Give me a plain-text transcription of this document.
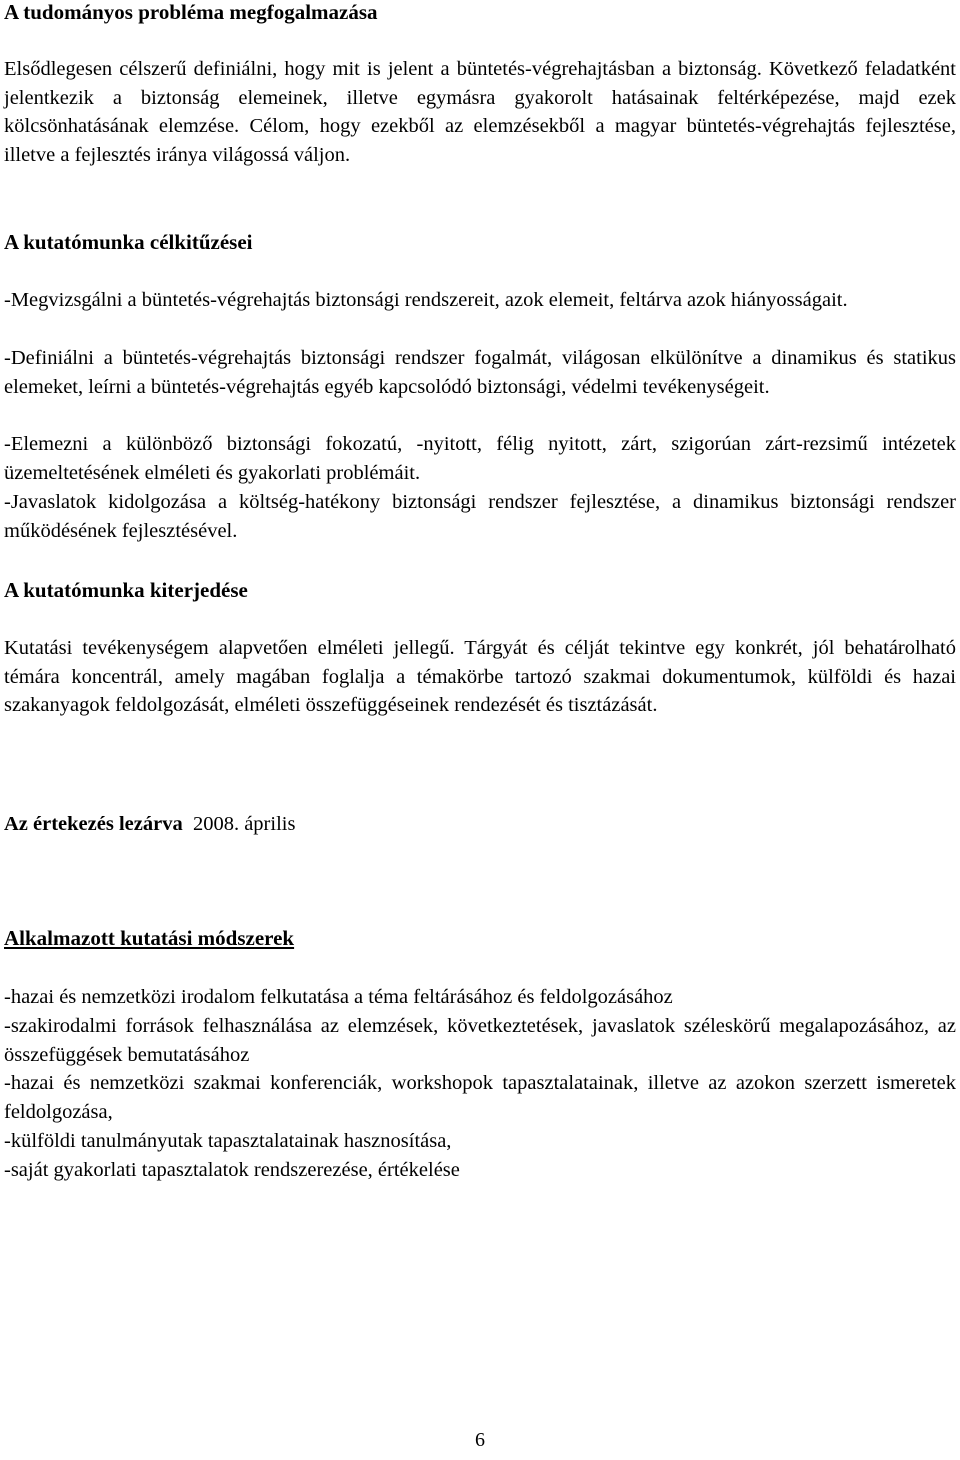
A tudományos probléma megfogalmazása

Elsődlegesen célszerű definiálni, hogy mit is jelent a büntetés-végrehajtásban a biztonság. Következő feladatként jelentkezik a biztonság elemeinek, illetve egymásra gyakorolt hatásainak feltérképezése, majd ezek kölcsönhatásának elemzése. Célom, hogy ezekből az elemzésekből a magyar büntetés-végrehajtás fejlesztése, illetve a fejlesztés iránya világossá váljon.

A kutatómunka célkitűzései

-Megvizsgálni a büntetés-végrehajtás biztonsági rendszereit, azok elemeit, feltárva azok hiányosságait.

-Definiálni a büntetés-végrehajtás biztonsági rendszer fogalmát, világosan elkülönítve a dinamikus és statikus elemeket, leírni a büntetés-végrehajtás egyéb kapcsolódó biztonsági, védelmi tevékenységeit.

-Elemezni a különböző biztonsági fokozatú, -nyitott, félig nyitott, zárt, szigorúan zárt-rezsimű intézetek üzemeltetésének elméleti és gyakorlati problémáit.

-Javaslatok kidolgozása a költség-hatékony biztonsági rendszer fejlesztése, a dinamikus biztonsági rendszer működésének fejlesztésével.

A kutatómunka kiterjedése

Kutatási tevékenységem alapvetően elméleti jellegű. Tárgyát és célját tekintve egy konkrét, jól behatárolható témára koncentrál, amely magában foglalja a témakörbe tartozó szakmai dokumentumok, külföldi és hazai szakanyagok feldolgozását, elméleti összefüggéseinek rendezését és tisztázását.

Az értekezés lezárva 2008. április

Alkalmazott kutatási módszerek

-hazai és nemzetközi irodalom felkutatása a téma feltárásához és feldolgozásához

-szakirodalmi források felhasználása az elemzések, következtetések, javaslatok széleskörű megalapozásához, az összefüggések bemutatásához

-hazai és nemzetközi szakmai konferenciák, workshopok tapasztalatainak, illetve az azokon szerzett ismeretek feldolgozása,

-külföldi tanulmányutak tapasztalatainak hasznosítása,

-saját gyakorlati tapasztalatok rendszerezése, értékelése

6
